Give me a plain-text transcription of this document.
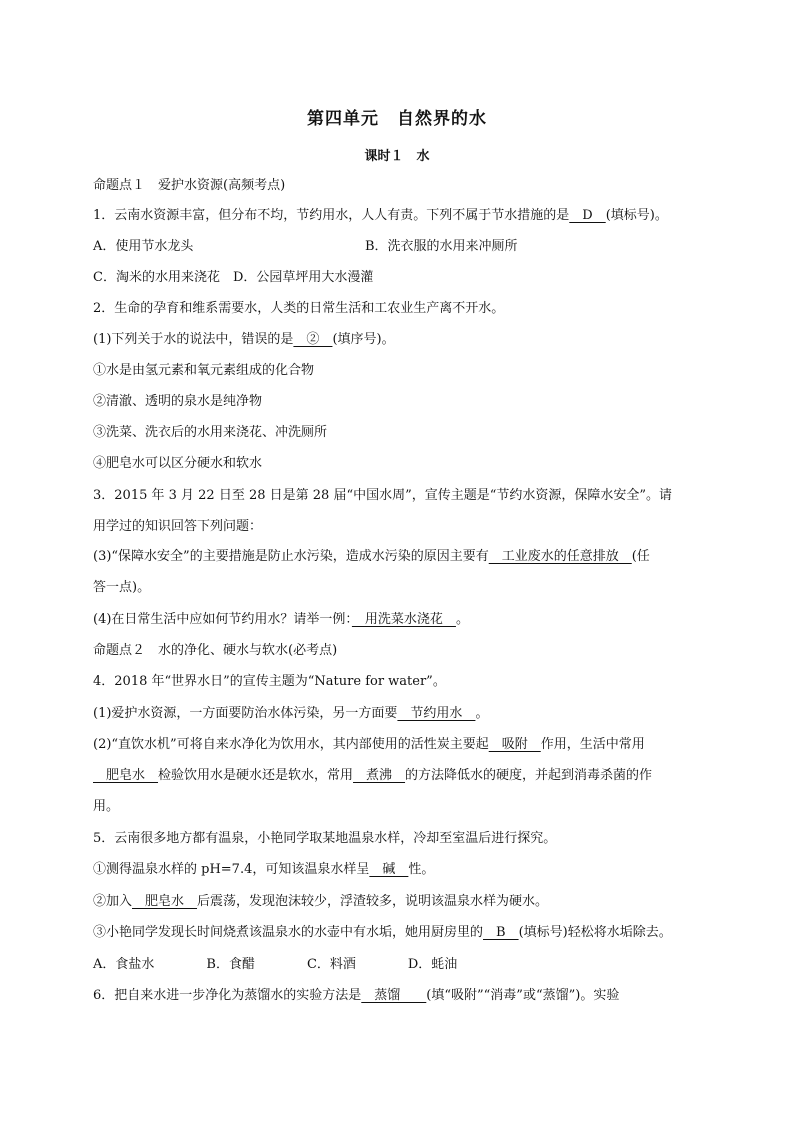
第四单元　自然界的水
课时１　水
命题点１　爱护水资源(高频考点)
1．云南水资源丰富，但分布不均，节约用水，人人有责。下列不属于节水措施的是　D　(填标号)。
A．使用节水龙头	B．洗衣服的水用来冲厕所
C．淘米的水用来浇花　 D．公园草坪用大水漫灌
2．生命的孕育和维系需要水，人类的日常生活和工农业生产离不开水。
(1)下列关于水的说法中，错误的是　②　(填序号)。
①水是由氢元素和氧元素组成的化合物
②清澈、透明的泉水是纯净物
③洗菜、洗衣后的水用来浇花、冲洗厕所
④肥皂水可以区分硬水和软水
3．2015 年 3 月 22 日至 28 日是第 28 届“中国水周”，宣传主题是“节约水资源，保障水安全”。请
用学过的知识回答下列问题：
(3)“保障水安全”的主要措施是防止水污染，造成水污染的原因主要有　工业废水的任意排放　(任
答一点)。
(4)在日常生活中应如何节约用水？请举一例：　用洗菜水浇花　。
命题点２　水的净化、硬水与软水(必考点)
4．2018 年“世界水日”的宣传主题为“Nature for water”。
(1)爱护水资源，一方面要防治水体污染，另一方面要　节约用水　。
(2)“直饮水机”可将自来水净化为饮用水，其内部使用的活性炭主要起　吸附　作用，生活中常用
　肥皂水　检验饮用水是硬水还是软水，常用　煮沸　的方法降低水的硬度，并起到消毒杀菌的作
用。
5．云南很多地方都有温泉，小艳同学取某地温泉水样，冷却至室温后进行探究。
①测得温泉水样的 pH=7.4，可知该温泉水样呈　碱　性。
②加入　肥皂水　后震荡，发现泡沫较少，浮渣较多，说明该温泉水样为硬水。
③小艳同学发现长时间烧煮该温泉水的水壶中有水垢，她用厨房里的　B　(填标号)轻松将水垢除去。
A．食盐水　　　　B．食醋　　　　C．料酒　　　　D．蚝油
6．把自来水进一步净化为蒸馏水的实验方法是　蒸馏　　(填“吸附”“消毒”或“蒸馏”)。实验
